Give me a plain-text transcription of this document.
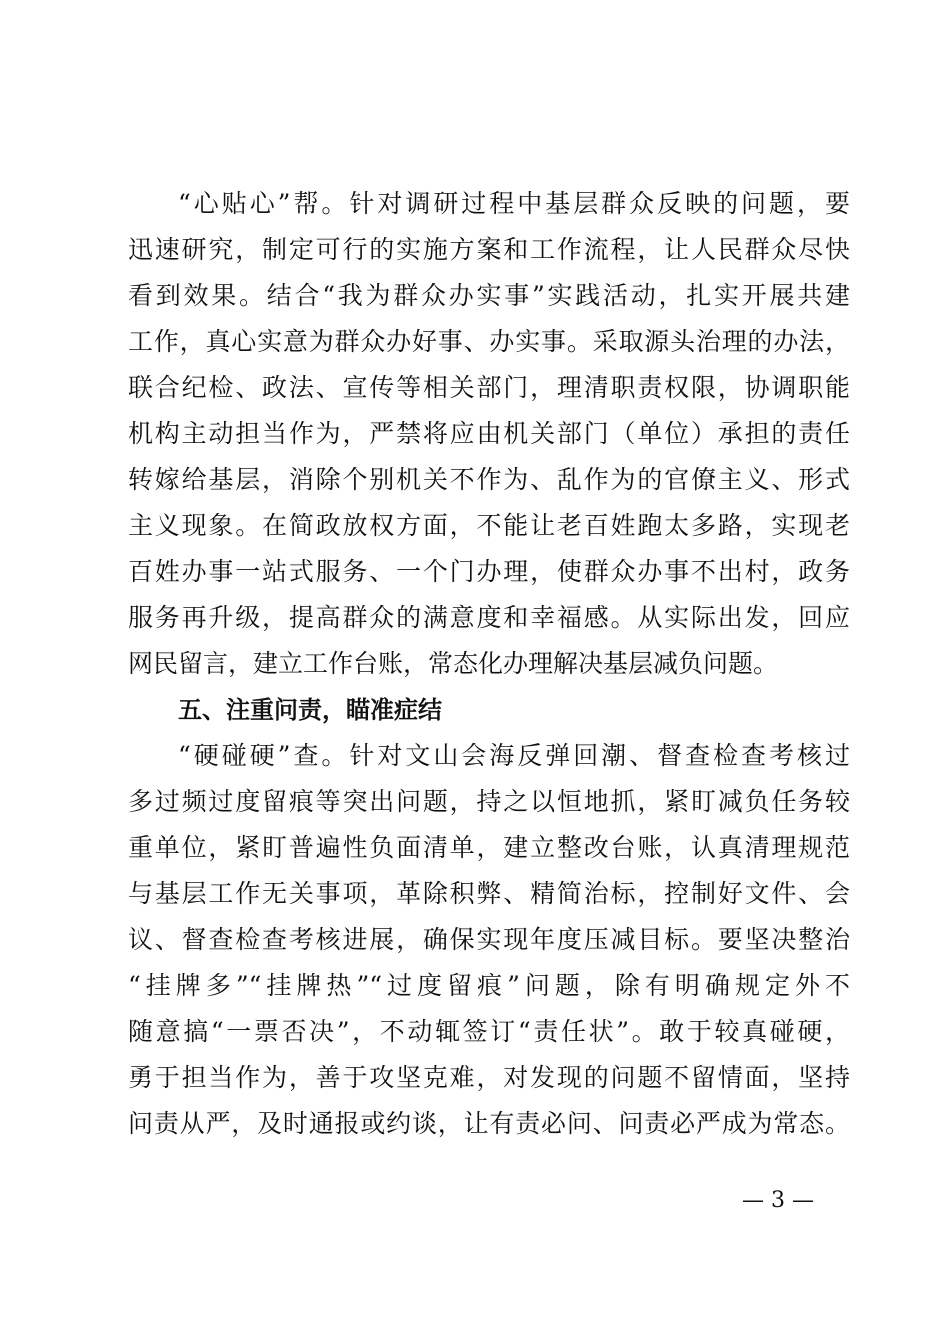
“心贴心”帮。针对调研过程中基层群众反映的问题，要
迅速研究，制定可行的实施方案和工作流程，让人民群众尽快
看到效果。结合“我为群众办实事”实践活动，扎实开展共建
工作，真心实意为群众办好事、办实事。采取源头治理的办法，
联合纪检、政法、宣传等相关部门，理清职责权限，协调职能
机构主动担当作为，严禁将应由机关部门（单位）承担的责任
转嫁给基层，消除个别机关不作为、乱作为的官僚主义、形式
主义现象。在简政放权方面，不能让老百姓跑太多路，实现老
百姓办事一站式服务、一个门办理，使群众办事不出村，政务
服务再升级，提高群众的满意度和幸福感。从实际出发，回应
网民留言，建立工作台账，常态化办理解决基层减负问题。
五、注重问责，瞄准症结
“硬碰硬”查。针对文山会海反弹回潮、督查检查考核过
多过频过度留痕等突出问题，持之以恒地抓，紧盯减负任务较
重单位，紧盯普遍性负面清单，建立整改台账，认真清理规范
与基层工作无关事项，革除积弊、精简治标，控制好文件、会
议、督查检查考核进展，确保实现年度压减目标。要坚决整治
“挂牌多”“挂牌热”“过度留痕”问题，除有明确规定外不
随意搞“一票否决”，不动辄签订“责任状”。敢于较真碰硬，
勇于担当作为，善于攻坚克难，对发现的问题不留情面，坚持
问责从严，及时通报或约谈，让有责必问、问责必严成为常态。
— 3 —
